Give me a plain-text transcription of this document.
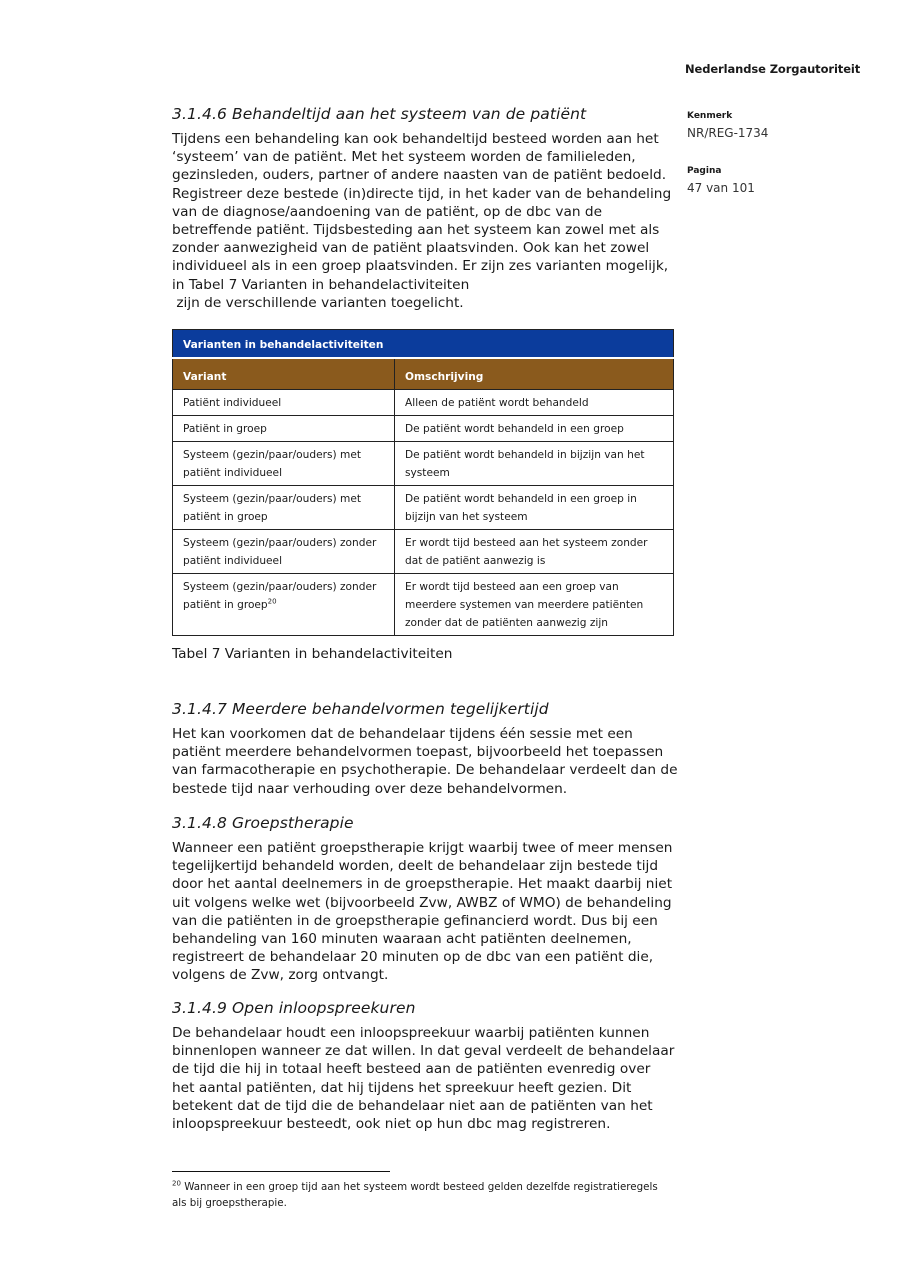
Nederlandse Zorgautoriteit
Kenmerk
NR/REG-1734
Pagina
47 van 101
3.1.4.6 Behandeltijd aan het systeem van de patiënt

Tijdens een behandeling kan ook behandeltijd besteed worden aan het
‘systeem’ van de patiënt. Met het systeem worden de familieleden,
gezinsleden, ouders, partner of andere naasten van de patiënt bedoeld.
Registreer deze bestede (in)directe tijd, in het kader van de behandeling
van de diagnose/aandoening van de patiënt, op de dbc van de
betreffende patiënt. Tijdsbesteding aan het systeem kan zowel met als
zonder aanwezigheid van de patiënt plaatsvinden. Ook kan het zowel
individueel als in een groep plaatsvinden. Er zijn zes varianten mogelijk,
in Tabel 7 Varianten in behandelactiviteiten
zijn de verschillende varianten toegelicht.

Varianten in behandelactiviteiten	
Variant	Omschrijving
Patiënt individueel	Alleen de patiënt wordt behandeld
Patiënt in groep	De patiënt wordt behandeld in een groep
Systeem (gezin/paar/ouders) met
patiënt individueel	De patiënt wordt behandeld in bijzijn van het
systeem
Systeem (gezin/paar/ouders) met
patiënt in groep	De patiënt wordt behandeld in een groep in
bijzijn van het systeem
Systeem (gezin/paar/ouders) zonder
patiënt individueel	Er wordt tijd besteed aan het systeem zonder
dat de patiënt aanwezig is
Systeem (gezin/paar/ouders) zonder
patiënt in groep$^{20}$	Er wordt tijd besteed aan een groep van
meerdere systemen van meerdere patiënten
zonder dat de patiënten aanwezig zijn
Tabel 7 Varianten in behandelactiviteiten
3.1.4.7 Meerdere behandelvormen tegelijkertijd

Het kan voorkomen dat de behandelaar tijdens één sessie met een
patiënt meerdere behandelvormen toepast, bijvoorbeeld het toepassen
van farmacotherapie en psychotherapie. De behandelaar verdeelt dan de
bestede tijd naar verhouding over deze behandelvormen.

3.1.4.8 Groepstherapie

Wanneer een patiënt groepstherapie krijgt waarbij twee of meer mensen
tegelijkertijd behandeld worden, deelt de behandelaar zijn bestede tijd
door het aantal deelnemers in de groepstherapie. Het maakt daarbij niet
uit volgens welke wet (bijvoorbeeld Zvw, AWBZ of WMO) de behandeling
van die patiënten in de groepstherapie gefinancierd wordt. Dus bij een
behandeling van 160 minuten waaraan acht patiënten deelnemen,
registreert de behandelaar 20 minuten op de dbc van een patiënt die,
volgens de Zvw, zorg ontvangt.

3.1.4.9 Open inloopspreekuren

De behandelaar houdt een inloopspreekuur waarbij patiënten kunnen
binnenlopen wanneer ze dat willen. In dat geval verdeelt de behandelaar
de tijd die hij in totaal heeft besteed aan de patiënten evenredig over
het aantal patiënten, dat hij tijdens het spreekuur heeft gezien. Dit
betekent dat de tijd die de behandelaar niet aan de patiënten van het
inloopspreekuur besteedt, ook niet op hun dbc mag registreren.

$^{20}$ Wanneer in een groep tijd aan het systeem wordt besteed gelden dezelfde registratieregels
als bij groepstherapie.
